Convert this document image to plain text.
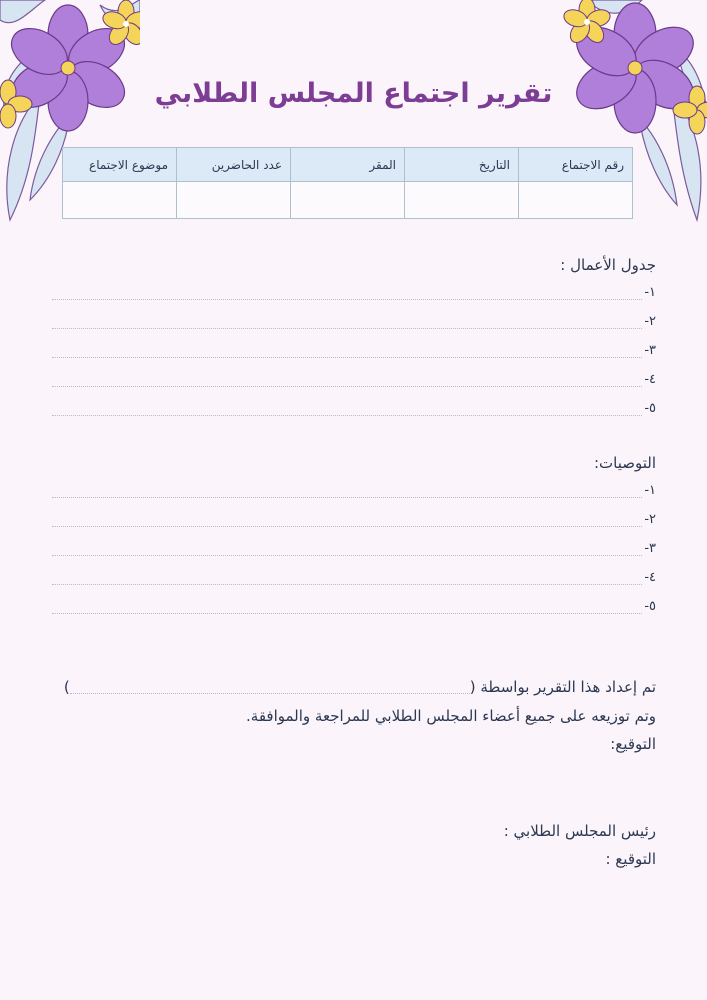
تقرير اجتماع المجلس الطلابي
رقم الاجتماع	التاريخ	المقر	عدد الحاضرين	موضوع الاجتماع

جدول الأعمال :
١-
٢-
٣-
٤-
٥-
التوصيات:
١-
٢-
٣-
٤-
٥-
تم إعداد هذا التقرير بواسطة ()
وتم توزيعه على جميع أعضاء المجلس الطلابي للمراجعة والموافقة.
التوقيع:
رئيس المجلس الطلابي :
التوقيع :
